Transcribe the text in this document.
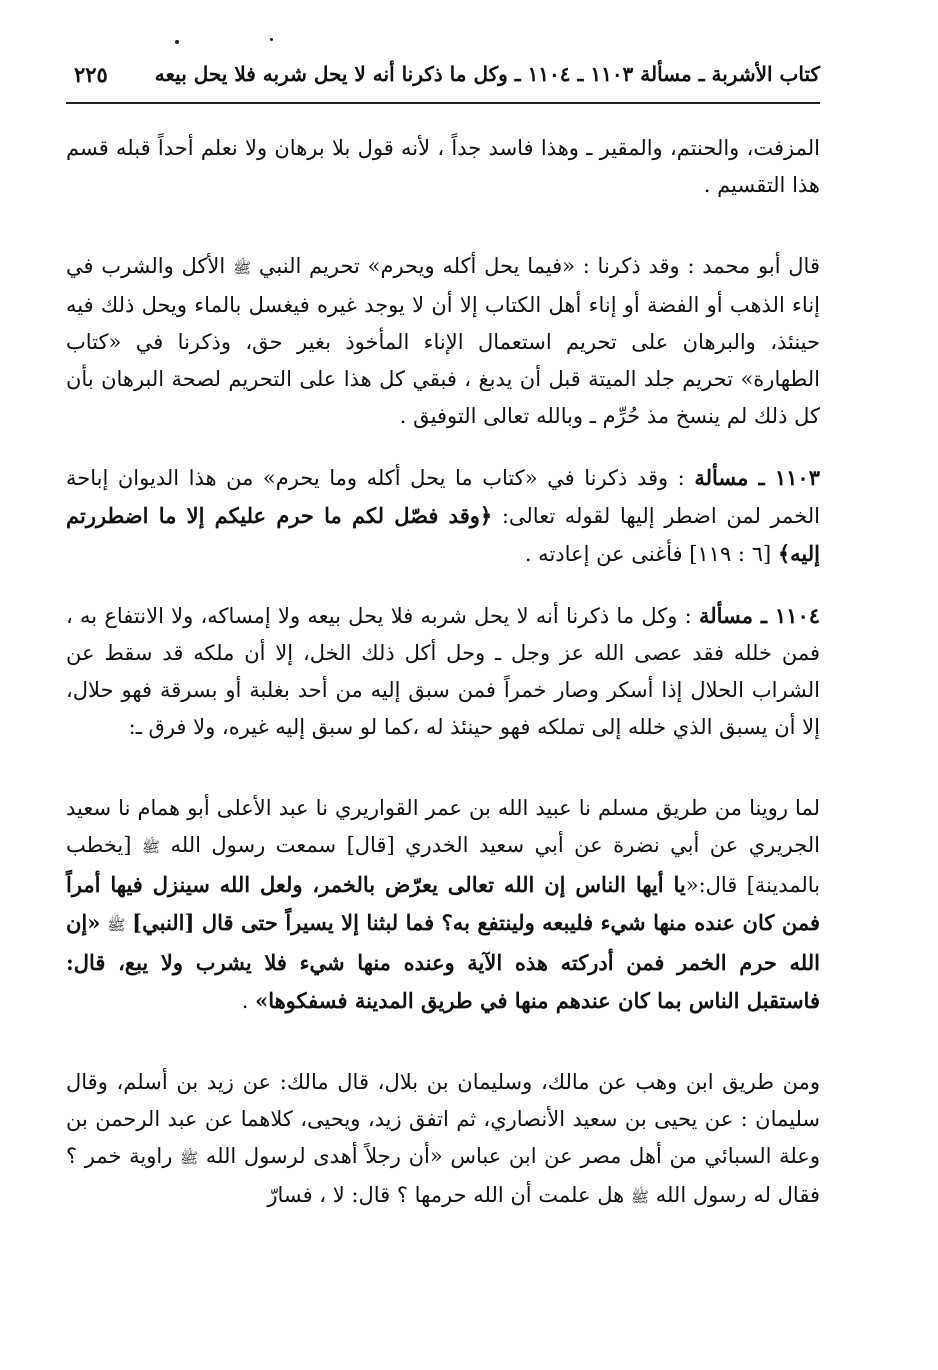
كتاب الأشربة ـ مسألة ١١٠٣ ـ ١١٠٤ ـ وكل ما ذكرنا أنه لا يحل شربه فلا يحل بيعه
٢٢٥

المزفت، والحنتم، والمقير ـ وهذا فاسد جداً ، لأنه قول بلا برهان ولا نعلم أحداً قبله قسم هذا التقسيم .

قال أبو محمد : وقد ذكرنا : «فيما يحل أكله ويحرم» تحريم النبي ﷺ الأكل والشرب في إناء الذهب أو الفضة أو إناء أهل الكتاب إلا أن لا يوجد غيره فيغسل بالماء ويحل ذلك فيه حينئذ، والبرهان على تحريم استعمال الإناء المأخوذ بغير حق، وذكرنا في «كتاب الطهارة» تحريم جلد الميتة قبل أن يدبغ ، فبقي كل هذا على التحريم لصحة البرهان بأن كل ذلك لم ينسخ مذ حُرِّم ـ وبالله تعالى التوفيق .

١١٠٣ ـ مسألة : وقد ذكرنا في «كتاب ما يحل أكله وما يحرم» من هذا الديوان إباحة الخمر لمن اضطر إليها لقوله تعالى: ﴿وقد فصّل لكم ما حرم عليكم إلا ما اضطررتم إليه﴾ [٦ : ١١٩] فأغنى عن إعادته .

١١٠٤ ـ مسألة : وكل ما ذكرنا أنه لا يحل شربه فلا يحل بيعه ولا إمساكه، ولا الانتفاع به ، فمن خلله فقد عصى الله عز وجل ـ وحل أكل ذلك الخل، إلا أن ملكه قد سقط عن الشراب الحلال إذا أسكر وصار خمراً فمن سبق إليه من أحد بغلبة أو بسرقة فهو حلال، إلا أن يسبق الذي خلله إلى تملكه فهو حينئذ له ،كما لو سبق إليه غيره، ولا فرق ـ:

لما روينا من طريق مسلم نا عبيد الله بن عمر القواريري نا عبد الأعلى أبو همام نا سعيد الجريري عن أبي نضرة عن أبي سعيد الخدري [قال] سمعت رسول الله ﷺ [يخطب بالمدينة] قال:«يا أيها الناس إن الله تعالى يعرّض بالخمر، ولعل الله سينزل فيها أمراً فمن كان عنده منها شيء فليبعه ولينتفع به؟ فما لبثنا إلا يسيراً حتى قال [النبي] ﷺ «إن الله حرم الخمر فمن أدركته هذه الآية وعنده منها شيء فلا يشرب ولا يبع، قال: فاستقبل الناس بما كان عندهم منها في طريق المدينة فسفكوها» .

ومن طريق ابن وهب عن مالك، وسليمان بن بلال، قال مالك: عن زيد بن أسلم، وقال سليمان : عن يحيى بن سعيد الأنصاري، ثم اتفق زيد، ويحيى، كلاهما عن عبد الرحمن بن وعلة السبائي من أهل مصر عن ابن عباس «أن رجلاً أهدى لرسول الله ﷺ راوية خمر ؟ فقال له رسول الله ﷺ هل علمت أن الله حرمها ؟ قال: لا ، فسارّ
